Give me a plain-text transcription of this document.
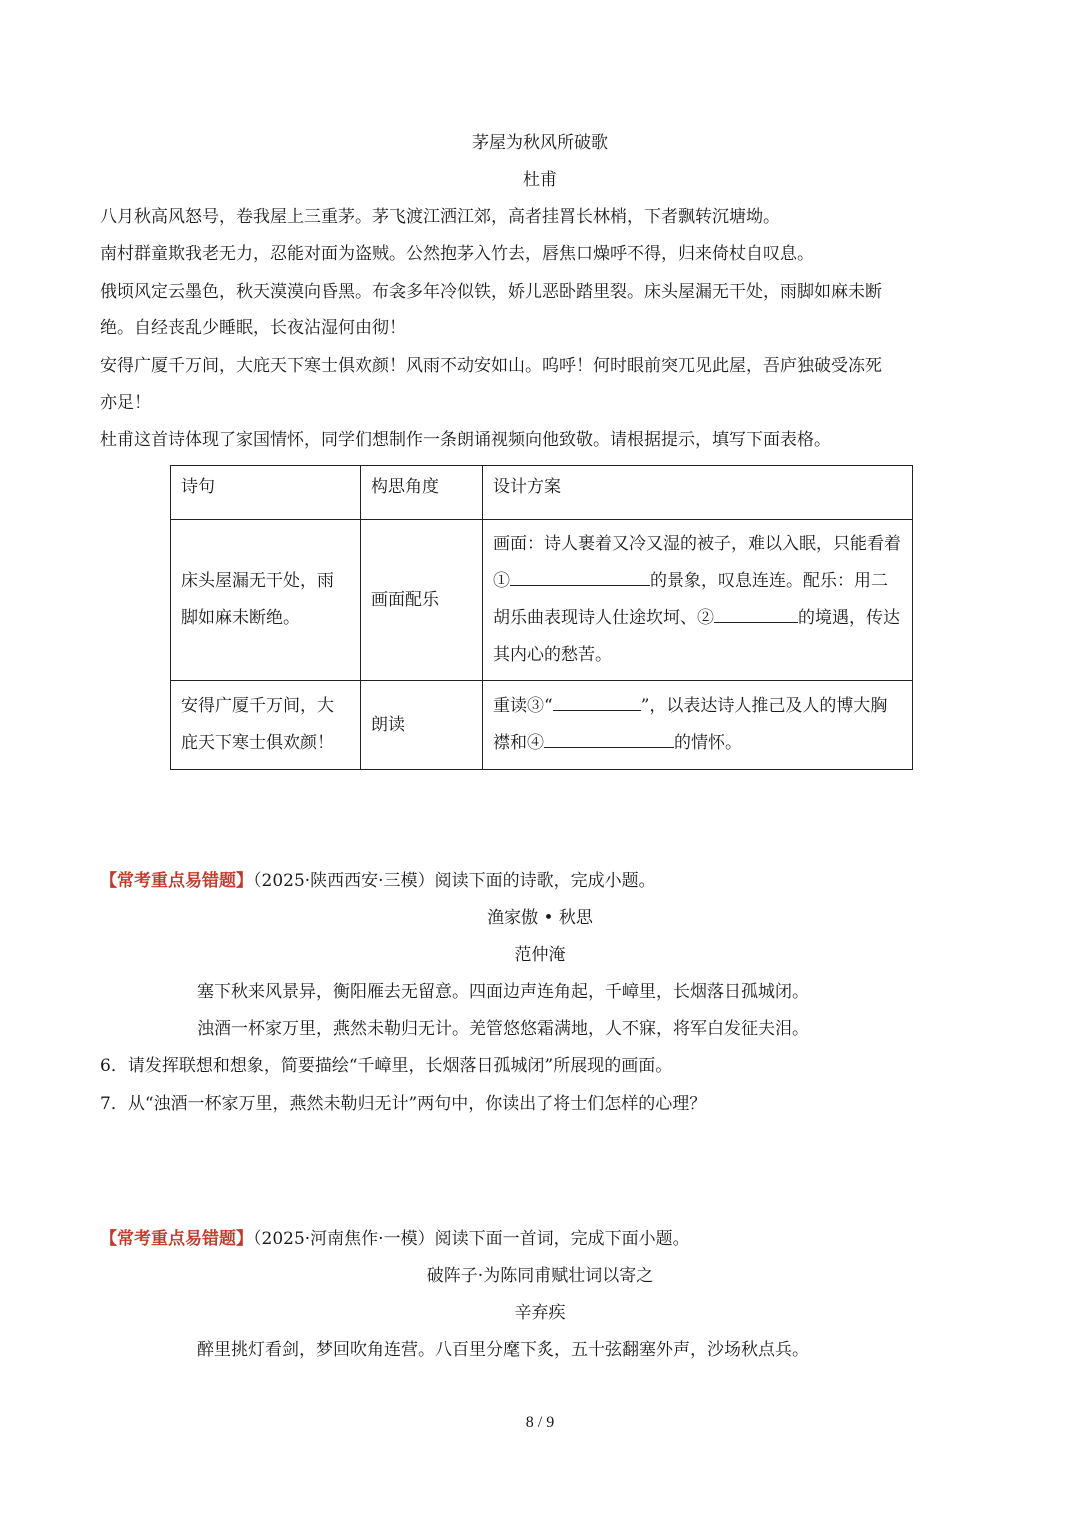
茅屋为秋风所破歌
杜甫
八月秋高风怒号，卷我屋上三重茅。茅飞渡江洒江郊，高者挂罥长林梢，下者飘转沉塘坳。
南村群童欺我老无力，忍能对面为盗贼。公然抱茅入竹去，唇焦口燥呼不得，归来倚杖自叹息。
俄顷风定云墨色，秋天漠漠向昏黑。布衾多年冷似铁，娇儿恶卧踏里裂。床头屋漏无干处，雨脚如麻未断
绝。自经丧乱少睡眠，长夜沾湿何由彻！
安得广厦千万间，大庇天下寒士俱欢颜！风雨不动安如山。呜呼！何时眼前突兀见此屋，吾庐独破受冻死
亦足！
杜甫这首诗体现了家国情怀，同学们想制作一条朗诵视频向他致敬。请根据提示，填写下面表格。
诗句	构思角度	设计方案
床头屋漏无干处，雨脚如麻未断绝。	画面配乐	画面：诗人裹着又冷又湿的被子，难以入眠，只能看着① 的景象，叹息连连。配乐：用二胡乐曲表现诗人仕途坎坷、② 的境遇，传达其内心的愁苦。
安得广厦千万间，大庇天下寒士俱欢颜！	朗读	重读③“ ”，以表达诗人推己及人的博大胸襟和④ 的情怀。
【常考重点易错题】（2025·陕西西安·三模）阅读下面的诗歌，完成小题。
渔家傲 • 秋思
范仲淹
塞下秋来风景异，衡阳雁去无留意。四面边声连角起，千嶂里，长烟落日孤城闭。
浊酒一杯家万里，燕然未勒归无计。羌管悠悠霜满地，人不寐，将军白发征夫泪。
6．请发挥联想和想象，简要描绘“千嶂里，长烟落日孤城闭”所展现的画面。
7．从“浊酒一杯家万里，燕然未勒归无计”两句中，你读出了将士们怎样的心理？
【常考重点易错题】（2025·河南焦作·一模）阅读下面一首词，完成下面小题。
破阵子·为陈同甫赋壮词以寄之
辛弃疾
醉里挑灯看剑，梦回吹角连营。八百里分麾下炙，五十弦翻塞外声，沙场秋点兵。
8 / 9
